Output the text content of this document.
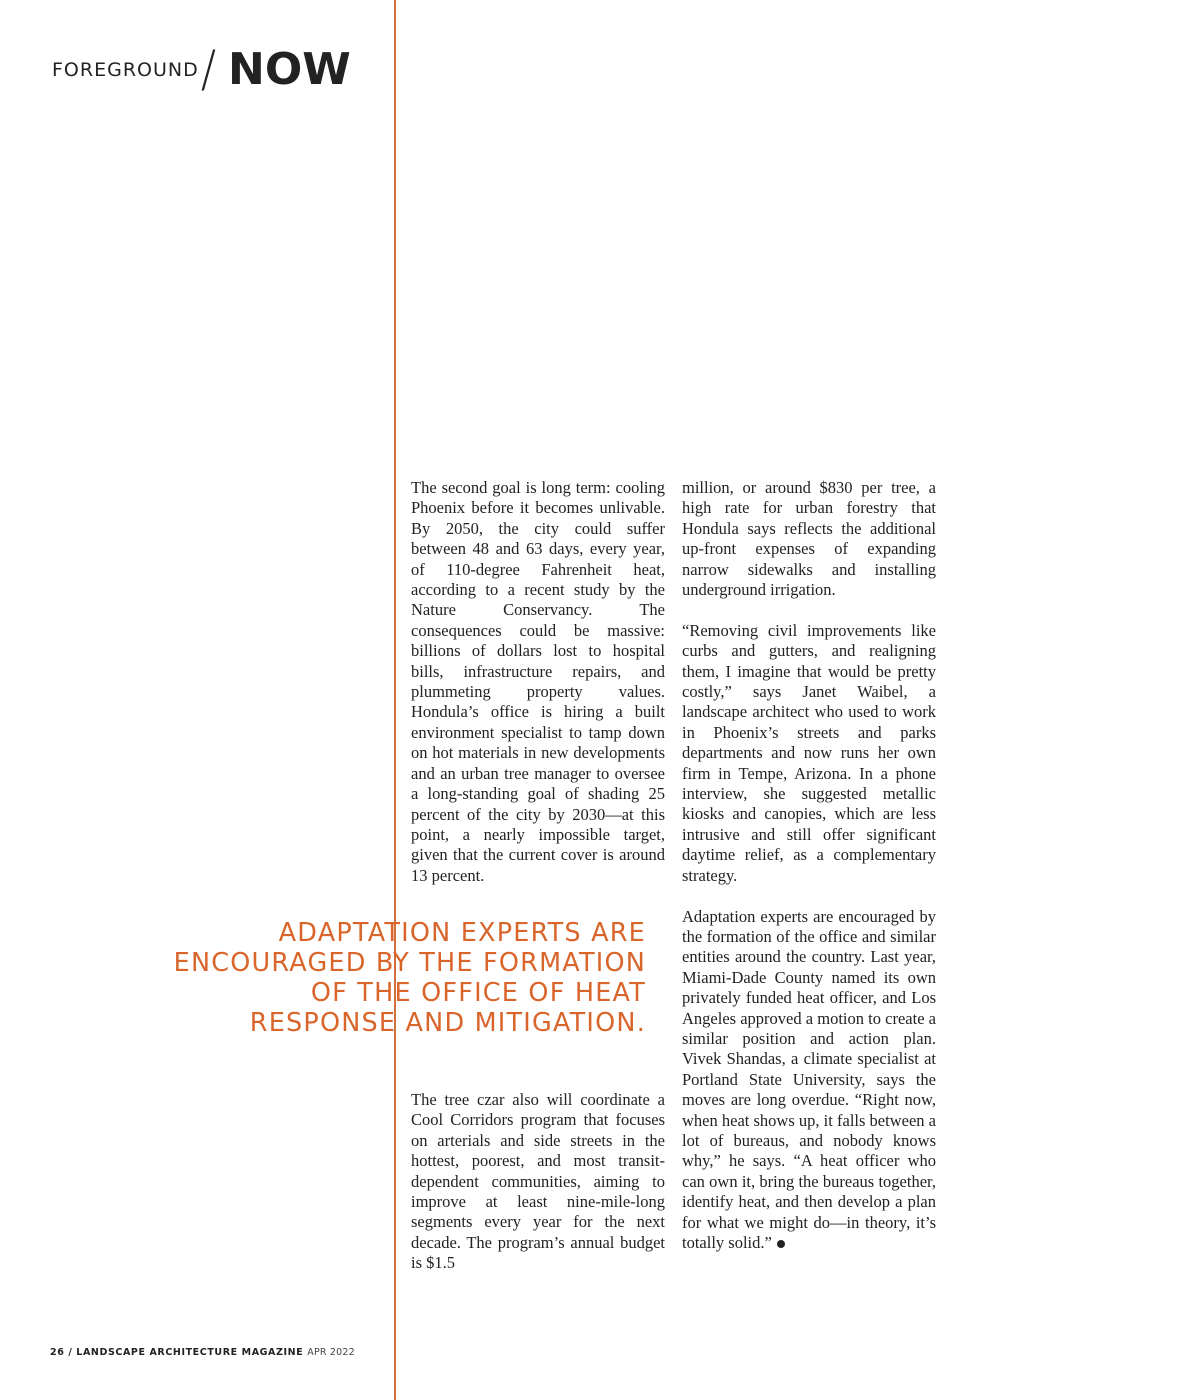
FOREGROUND / NOW

The second goal is long term: cooling Phoenix before it becomes unlivable. By 2050, the city could suffer between 48 and 63 days, every year, of 110-degree Fahrenheit heat, according to a recent study by the Nature Conservancy. The consequences could be massive: billions of dollars lost to hospital bills, infrastructure repairs, and plummeting property values. Hondula’s office is hiring a built environment specialist to tamp down on hot materials in new developments and an urban tree manager to oversee a long-standing goal of shading 25 percent of the city by 2030—at this point, a nearly impossible target, given that the current cover is around 13 percent.

ADAPTATION EXPERTS ARE
ENCOURAGED BY THE FORMATION
OF THE OFFICE OF HEAT
RESPONSE AND MITIGATION.

The tree czar also will coordinate a Cool Corridors program that focuses on arterials and side streets in the hottest, poorest, and most transit-dependent communities, aiming to improve at least nine-mile-long segments every year for the next decade. The program’s annual budget is $1.5

million, or around $830 per tree, a high rate for urban forestry that Hondula says reflects the additional up-front expenses of expanding narrow sidewalks and installing underground irrigation.

“Removing civil improvements like curbs and gutters, and realigning them, I imagine that would be pretty costly,” says Janet Waibel, a landscape architect who used to work in Phoenix’s streets and parks departments and now runs her own firm in Tempe, Arizona. In a phone interview, she suggested metallic kiosks and canopies, which are less intrusive and still offer significant daytime relief, as a complementary strategy.

Adaptation experts are encouraged by the formation of the office and similar entities around the country. Last year, Miami-Dade County named its own privately funded heat officer, and Los Angeles approved a motion to create a similar position and action plan. Vivek Shandas, a climate specialist at Portland State University, says the moves are long overdue. “Right now, when heat shows up, it falls between a lot of bureaus, and nobody knows why,” he says. “A heat officer who can own it, bring the bureaus together, identify heat, and then develop a plan for what we might do—in theory, it’s totally solid.”

26 / LANDSCAPE ARCHITECTURE MAGAZINE APR 2022
